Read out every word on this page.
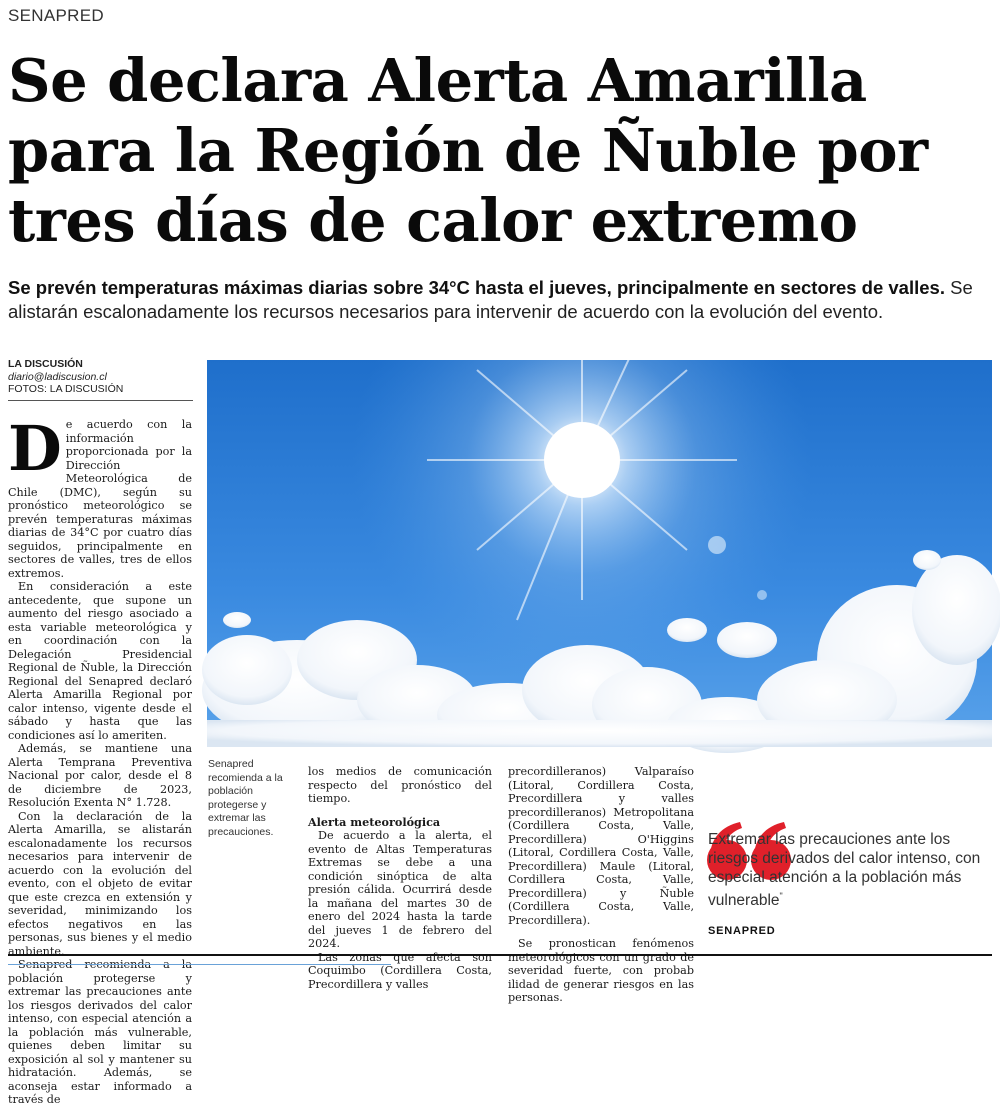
SENAPRED
Se declara Alerta Amarilla
para la Región de Ñuble por
tres días de calor extremo
Se prevén temperaturas máximas diarias sobre 34°C hasta el jueves, principalmente en sectores de valles. Se alistarán escalonadamente los recursos necesarios para intervenir de acuerdo con la evolución del evento.
LA DISCUSIÓN
diario@ladiscusion.cl
FOTOS: LA DISCUSIÓN

De acuerdo con la información proporcionada por la Dirección Meteorológica de Chile (DMC), según su pronóstico meteorológico se prevén temperaturas máximas diarias de 34°C por cuatro días seguidos, principalmente en sectores de valles, tres de ellos extremos.

En consideración a este antecedente, que supone un aumento del riesgo asociado a esta variable meteorológica y en coordinación con la Delegación Presidencial Regional de Ñuble, la Dirección Regional del Senapred declaró Alerta Amarilla Regional por calor intenso, vigente desde el sábado y hasta que las condiciones así lo ameriten.

Además, se mantiene una Alerta Temprana Preventiva Nacional por calor, desde el 8 de diciembre de 2023, Resolución Exenta N° 1.728.

Con la declaración de la Alerta Amarilla, se alistarán escalonadamente los recursos necesarios para intervenir de acuerdo con la evolución del evento, con el objeto de evitar que este crezca en extensión y severidad, minimizando los efectos negativos en las personas, sus bienes y el medio ambiente.

Senapred recomienda a la población protegerse y extremar las precauciones ante los riesgos derivados del calor intenso, con especial atención a la población más vulnerable, quienes deben limitar su exposición al sol y mantener su hidratación. Además, se aconseja estar informado a través de

Senapred recomienda a la población protegerse y extremar las precauciones.

los medios de comunicación respecto del pronóstico del tiempo.

Alerta meteorológica

De acuerdo a la alerta, el evento de Altas Temperaturas Extremas se debe a una condición sinóptica de alta presión cálida. Ocurrirá desde la mañana del martes 30 de enero del 2024 hasta la tarde del jueves 1 de febrero del 2024.

Las zonas que afecta son Coquimbo (Cordillera Costa, Precordillera y valles

precordilleranos) Valparaíso (Litoral, Cordillera Costa, Precordillera y valles precordilleranos) Metropolitana (Cordillera Costa, Valle, Precordillera) O'Higgins (Litoral, Cordillera Costa, Valle, Precordillera) Maule (Litoral, Cordillera Costa, Valle, Precordillera) y Ñuble (Cordillera Costa, Valle, Precordillera).

Se pronostican fenómenos meteorológicos con un grado de severidad fuerte, con probab ilidad de generar riesgos en las personas.

Extremar las precauciones ante los riesgos derivados del calor intenso, con especial atención a la población más vulnerable"
SENAPRED
